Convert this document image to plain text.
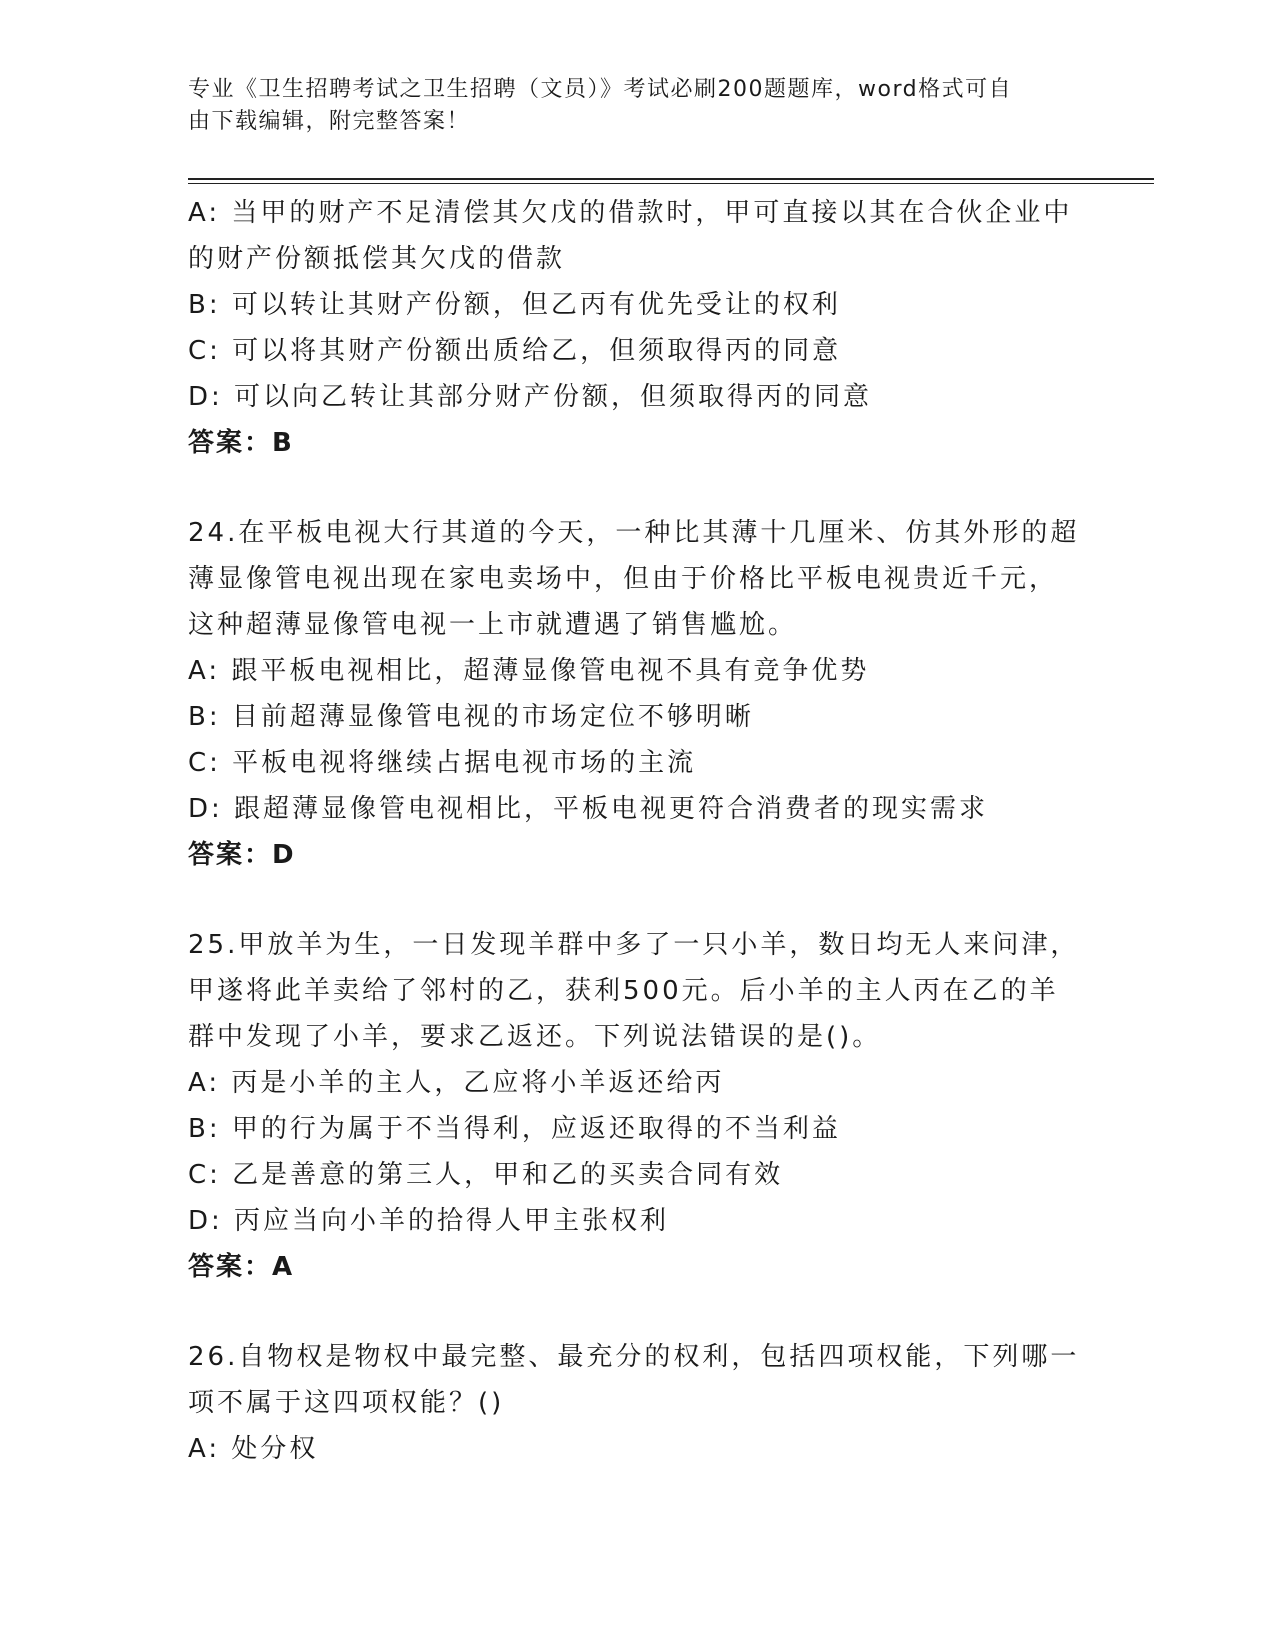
专业《卫生招聘考试之卫生招聘（文员）》考试必刷200题题库，word格式可自
由下载编辑，附完整答案！
A: 当甲的财产不足清偿其欠戊的借款时，甲可直接以其在合伙企业中
的财产份额抵偿其欠戊的借款
B: 可以转让其财产份额，但乙丙有优先受让的权利
C: 可以将其财产份额出质给乙，但须取得丙的同意
D: 可以向乙转让其部分财产份额，但须取得丙的同意
答案：B
24.在平板电视大行其道的今天，一种比其薄十几厘米、仿其外形的超
薄显像管电视出现在家电卖场中，但由于价格比平板电视贵近千元，
这种超薄显像管电视一上市就遭遇了销售尴尬。
A: 跟平板电视相比，超薄显像管电视不具有竞争优势
B: 目前超薄显像管电视的市场定位不够明晰
C: 平板电视将继续占据电视市场的主流
D: 跟超薄显像管电视相比，平板电视更符合消费者的现实需求
答案：D
25.甲放羊为生，一日发现羊群中多了一只小羊，数日均无人来问津，
甲遂将此羊卖给了邻村的乙，获利500元。后小羊的主人丙在乙的羊
群中发现了小羊，要求乙返还。下列说法错误的是()。
A: 丙是小羊的主人，乙应将小羊返还给丙
B: 甲的行为属于不当得利，应返还取得的不当利益
C: 乙是善意的第三人，甲和乙的买卖合同有效
D: 丙应当向小羊的拾得人甲主张权利
答案：A
26.自物权是物权中最完整、最充分的权利，包括四项权能，下列哪一
项不属于这四项权能？()
A: 处分权
